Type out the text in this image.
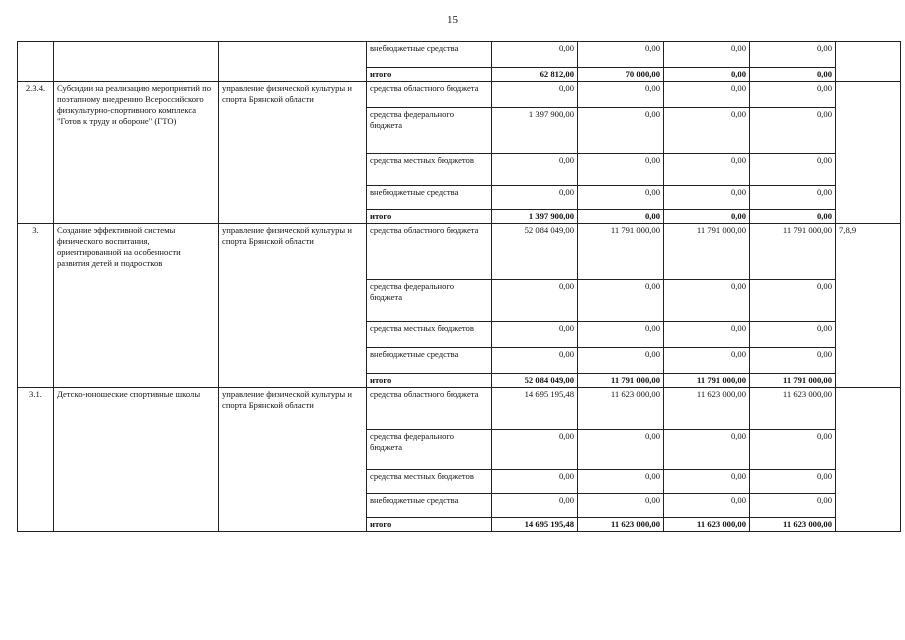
15
			внебюджетные средства	0,00	0,00	0,00	0,00	
			итого	62 812,00	70 000,00	0,00	0,00	
2.3.4.	Субсидии на реализацию мероприятий по поэтапному внедрению Всероссийского физкультурно-спортивного комплекса "Готов к труду и обороне" (ГТО)	управление физической культуры и спорта Брянской области	средства областного бюджета	0,00	0,00	0,00	0,00	
			средства федерального бюджета	1 397 900,00	0,00	0,00	0,00	
			средства местных бюджетов	0,00	0,00	0,00	0,00	
			внебюджетные средства	0,00	0,00	0,00	0,00	
			итого	1 397 900,00	0,00	0,00	0,00	
3.	Создание эффективной системы физического воспитания, ориентированной на особенности развития детей и подростков	управление физической культуры и спорта Брянской области	средства областного бюджета	52 084 049,00	11 791 000,00	11 791 000,00	11 791 000,00	7,8,9
			средства федерального бюджета	0,00	0,00	0,00	0,00	
			средства местных бюджетов	0,00	0,00	0,00	0,00	
			внебюджетные средства	0,00	0,00	0,00	0,00	
			итого	52 084 049,00	11 791 000,00	11 791 000,00	11 791 000,00	
3.1.	Детско-юношеские спортивные школы	управление физической культуры и спорта Брянской области	средства областного бюджета	14 695 195,48	11 623 000,00	11 623 000,00	11 623 000,00	
			средства федерального бюджета	0,00	0,00	0,00	0,00	
			средства местных бюджетов	0,00	0,00	0,00	0,00	
			внебюджетные средства	0,00	0,00	0,00	0,00	
			итого	14 695 195,48	11 623 000,00	11 623 000,00	11 623 000,00	
